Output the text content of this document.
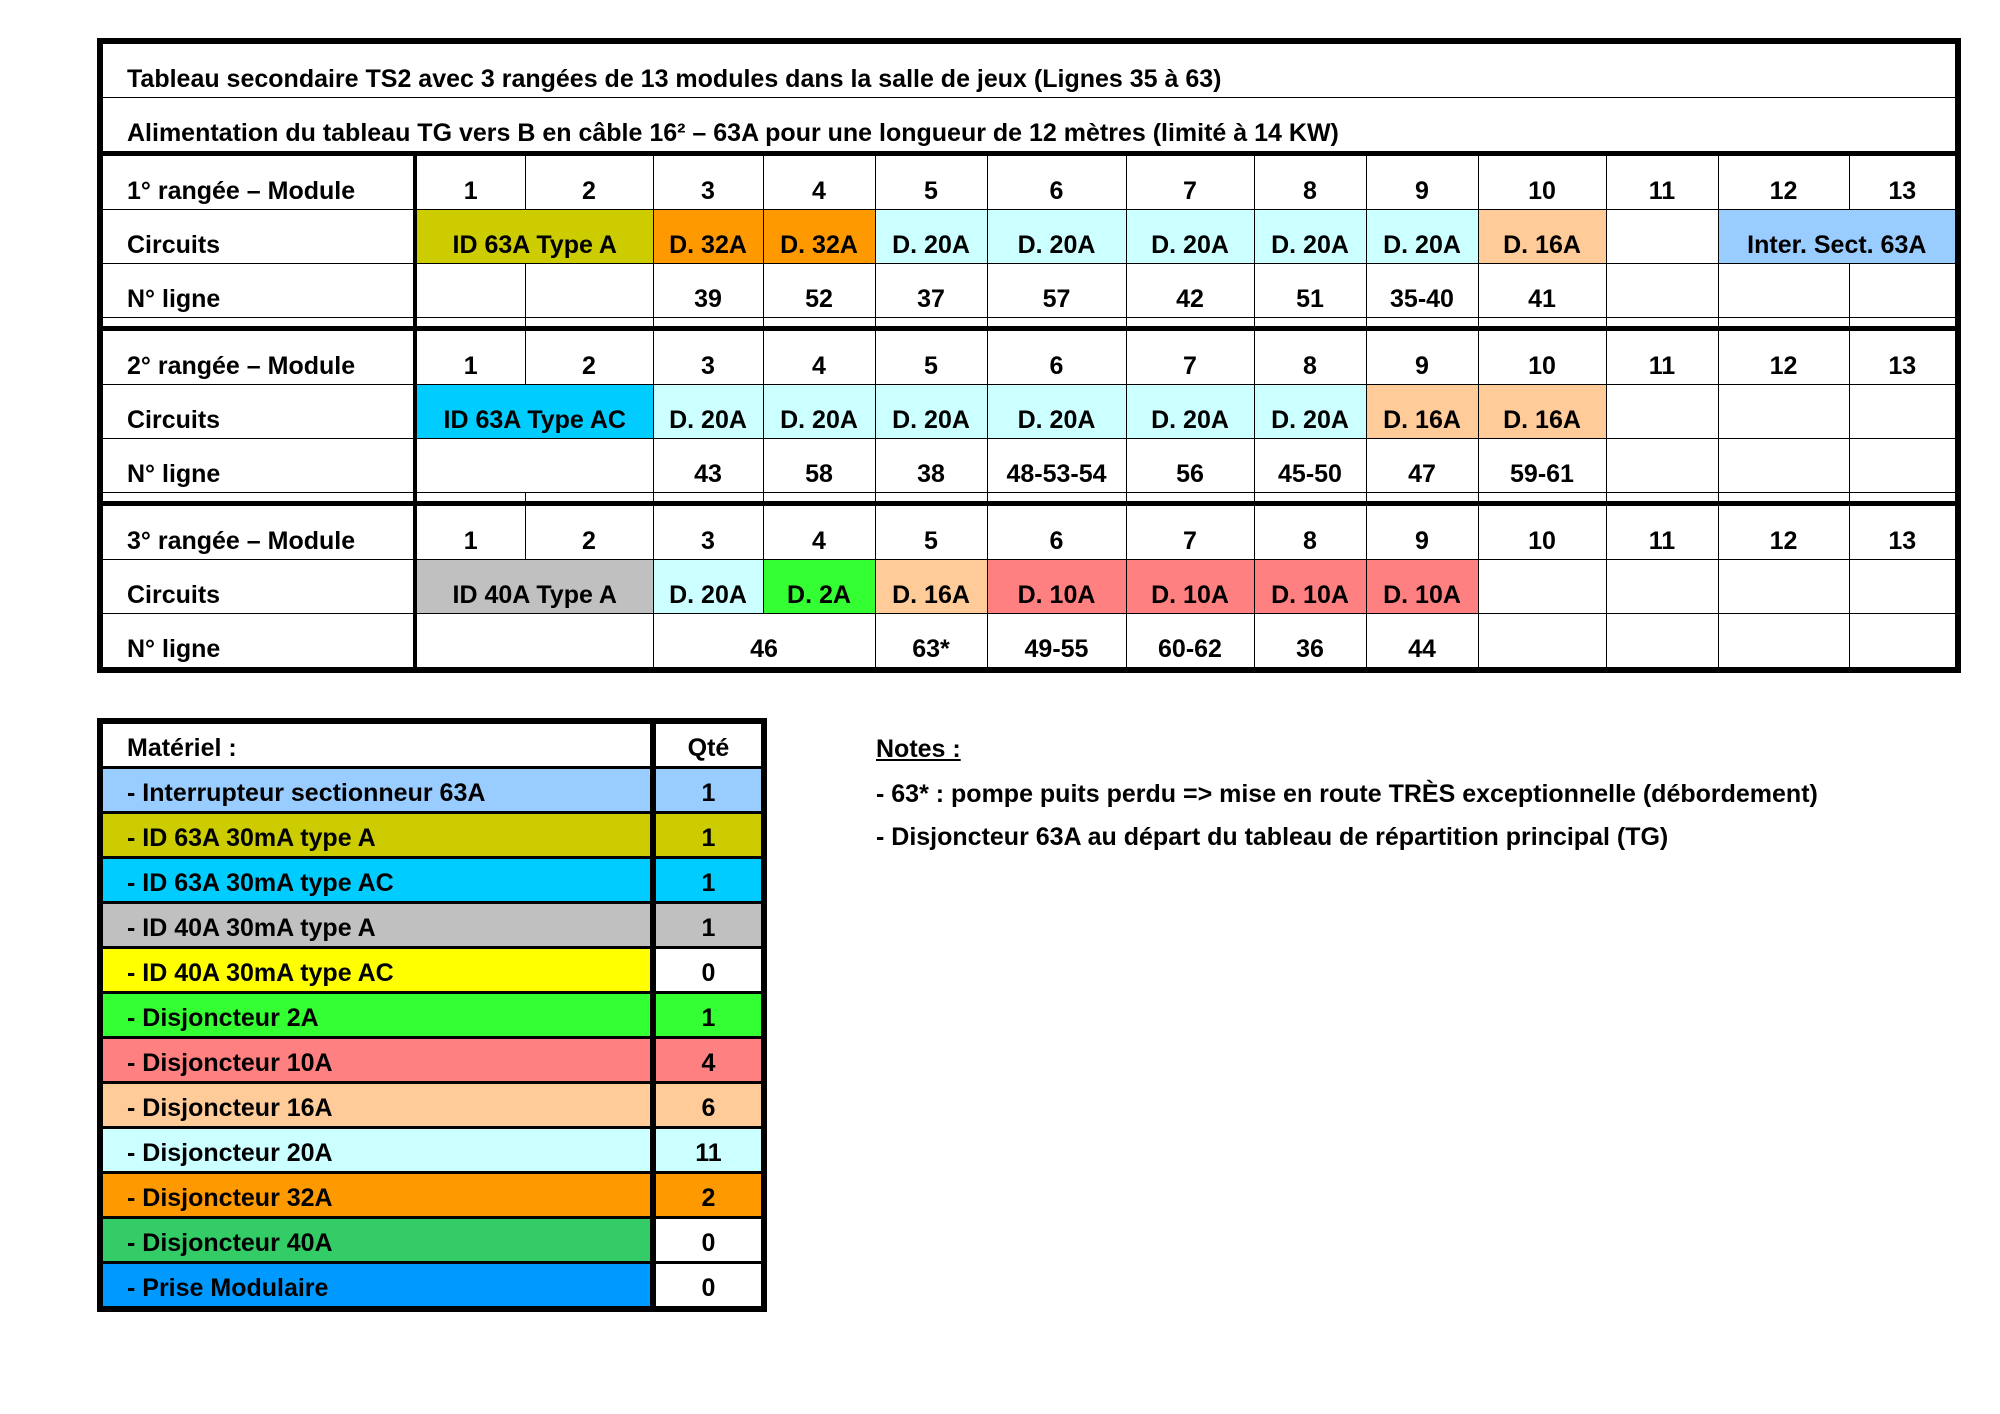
Tableau secondaire TS2 avec 3 rangées de 13 modules dans la salle de jeux (Lignes 35 à 63)													
Alimentation du tableau TG vers B en câble 16² – 63A pour une longueur de 12 mètres (limité à 14 KW)													
1° rangée – Module	1	2	3	4	5	6	7	8	9	10	11	12	13
Circuits	ID 63A Type A		D. 32A	D. 32A	D. 20A	D. 20A	D. 20A	D. 20A	D. 20A	D. 16A		Inter. Sect. 63A	
N° ligne			39	52	37	57	42	51	35-40	41			

2° rangée – Module	1	2	3	4	5	6	7	8	9	10	11	12	13
Circuits	ID 63A Type AC		D. 20A	D. 20A	D. 20A	D. 20A	D. 20A	D. 20A	D. 16A	D. 16A			
N° ligne			43	58	38	48-53-54	56	45-50	47	59-61			

3° rangée – Module	1	2	3	4	5	6	7	8	9	10	11	12	13
Circuits	ID 40A Type A		D. 20A	D. 2A	D. 16A	D. 10A	D. 10A	D. 10A	D. 10A				
N° ligne			46		63*	49-55	60-62	36	44				
Matériel :	Qté
- Interrupteur sectionneur 63A	1
- ID 63A 30mA type A	1
- ID 63A 30mA type AC	1
- ID 40A 30mA type A	1
- ID 40A 30mA type AC	0
- Disjoncteur 2A	1
- Disjoncteur 10A	4
- Disjoncteur 16A	6
- Disjoncteur 20A	11
- Disjoncteur 32A	2
- Disjoncteur 40A	0
- Prise Modulaire	0
Notes :
- 63* : pompe puits perdu => mise en route TRÈS exceptionnelle (débordement)
- Disjoncteur 63A au départ du tableau de répartition principal (TG)
